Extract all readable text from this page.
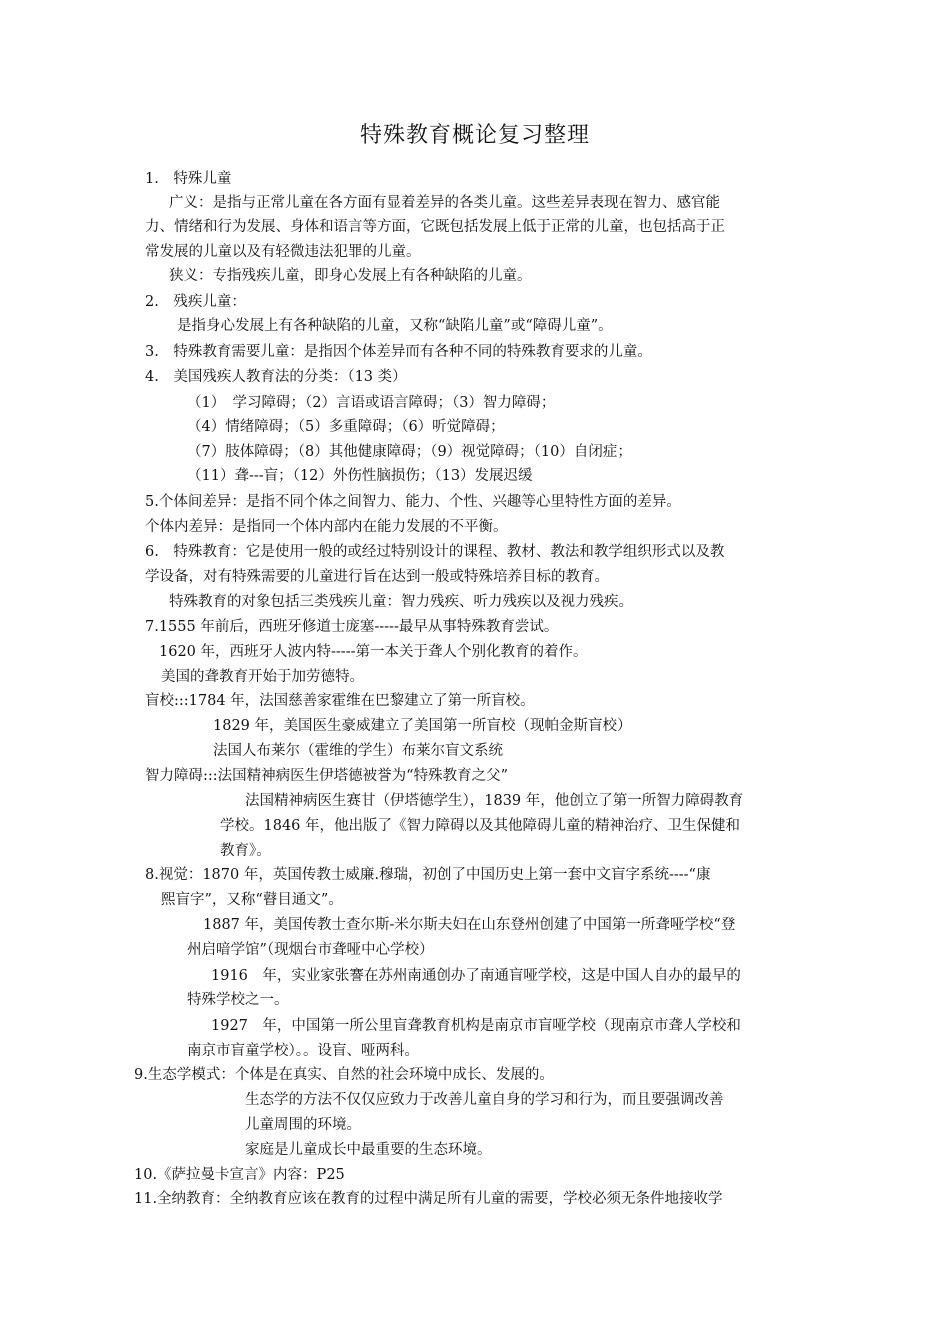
特殊教育概论复习整理
1.　特殊儿童
广义：是指与正常儿童在各方面有显着差异的各类儿童。这些差异表现在智力、感官能
力、情绪和行为发展、身体和语言等方面，它既包括发展上低于正常的儿童，也包括高于正
常发展的儿童以及有轻微违法犯罪的儿童。
狭义：专指残疾儿童，即身心发展上有各种缺陷的儿童。
2.　残疾儿童：
是指身心发展上有各种缺陷的儿童，又称“缺陷儿童”或“障碍儿童”。
3.　特殊教育需要儿童：是指因个体差异而有各种不同的特殊教育要求的儿童。
4.　美国残疾人教育法的分类：（13 类）
（1）　学习障碍；（2）言语或语言障碍；（3）智力障碍；
（4）情绪障碍；（5）多重障碍；（6）听觉障碍；
（7）肢体障碍；（8）其他健康障碍；（9）视觉障碍；（10）自闭症；
（11）聋---盲；（12）外伤性脑损伤；（13）发展迟缓
5.个体间差异：是指不同个体之间智力、能力、个性、兴趣等心里特性方面的差异。
个体内差异：是指同一个体内部内在能力发展的不平衡。
6.　特殊教育：它是使用一般的或经过特别设计的课程、教材、教法和教学组织形式以及教
学设备，对有特殊需要的儿童进行旨在达到一般或特殊培养目标的教育。
特殊教育的对象包括三类残疾儿童：智力残疾、听力残疾以及视力残疾。
7.1555 年前后，西班牙修道士庞塞-----最早从事特殊教育尝试。
1620 年，西班牙人波内特-----第一本关于聋人个别化教育的着作。
美国的聋教育开始于加劳德特。
盲校:::1784 年，法国慈善家霍维在巴黎建立了第一所盲校。
1829 年，美国医生豪威建立了美国第一所盲校（现帕金斯盲校）
法国人布莱尔（霍维的学生）布莱尔盲文系统
智力障碍:::法国精神病医生伊塔德被誉为“特殊教育之父”
法国精神病医生赛甘（伊塔德学生），1839 年，他创立了第一所智力障碍教育
学校。1846 年，他出版了《智力障碍以及其他障碍儿童的精神治疗、卫生保健和
教育》。
8.视觉：1870 年，英国传教士威廉.穆瑞，初创了中国历史上第一套中文盲字系统----“康
熙盲字”，又称“瞽目通文”。
1887 年，美国传教士查尔斯-米尔斯夫妇在山东登州创建了中国第一所聋哑学校“登
州启喑学馆”（现烟台市聋哑中心学校）
1916　年，实业家张謇在苏州南通创办了南通盲哑学校，这是中国人自办的最早的
特殊学校之一。
1927　年，中国第一所公里盲聋教育机构是南京市盲哑学校（现南京市聋人学校和
南京市盲童学校）。。设盲、哑两科。
9.生态学模式：个体是在真实、自然的社会环境中成长、发展的。
生态学的方法不仅仅应致力于改善儿童自身的学习和行为，而且要强调改善
儿童周围的环境。
家庭是儿童成长中最重要的生态环境。
10.《萨拉曼卡宣言》内容：P25
11.全纳教育：全纳教育应该在教育的过程中满足所有儿童的需要，学校必须无条件地接收学
